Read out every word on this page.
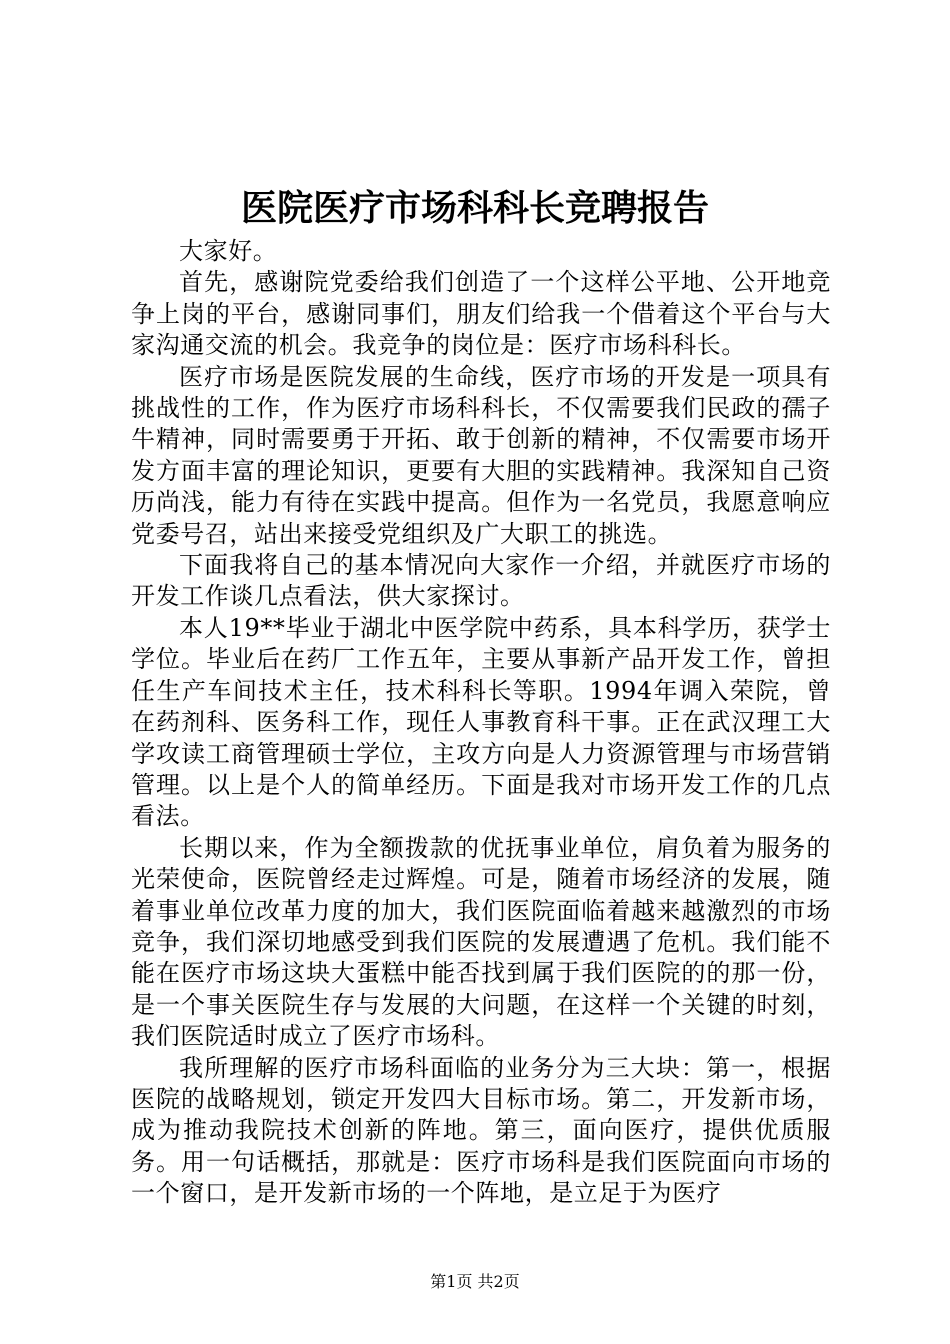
医院医疗市场科科长竞聘报告

大家好。

首先，感谢院党委给我们创造了一个这样公平地、公开地竞争上岗的平台，感谢同事们，朋友们给我一个借着这个平台与大家沟通交流的机会。我竞争的岗位是：医疗市场科科长。

医疗市场是医院发展的生命线，医疗市场的开发是一项具有挑战性的工作，作为医疗市场科科长，不仅需要我们民政的孺子牛精神，同时需要勇于开拓、敢于创新的精神，不仅需要市场开发方面丰富的理论知识，更要有大胆的实践精神。我深知自己资历尚浅，能力有待在实践中提高。但作为一名党员，我愿意响应党委号召，站出来接受党组织及广大职工的挑选。

下面我将自己的基本情况向大家作一介绍，并就医疗市场的开发工作谈几点看法，供大家探讨。

本人19**毕业于湖北中医学院中药系，具本科学历，获学士学位。毕业后在药厂工作五年，主要从事新产品开发工作，曾担任生产车间技术主任，技术科科长等职。1994年调入荣院，曾在药剂科、医务科工作，现任人事教育科干事。正在武汉理工大学攻读工商管理硕士学位，主攻方向是人力资源管理与市场营销管理。以上是个人的简单经历。下面是我对市场开发工作的几点看法。

长期以来，作为全额拨款的优抚事业单位，肩负着为服务的光荣使命，医院曾经走过辉煌。可是，随着市场经济的发展，随着事业单位改革力度的加大，我们医院面临着越来越激烈的市场竞争，我们深切地感受到我们医院的发展遭遇了危机。我们能不能在医疗市场这块大蛋糕中能否找到属于我们医院的的那一份，是一个事关医院生存与发展的大问题，在这样一个关键的时刻，我们医院适时成立了医疗市场科。

我所理解的医疗市场科面临的业务分为三大块：第一，根据医院的战略规划，锁定开发四大目标市场。第二，开发新市场，成为推动我院技术创新的阵地。第三，面向医疗，提供优质服务。用一句话概括，那就是：医疗市场科是我们医院面向市场的一个窗口，是开发新市场的一个阵地，是立足于为医疗

第1页 共2页
